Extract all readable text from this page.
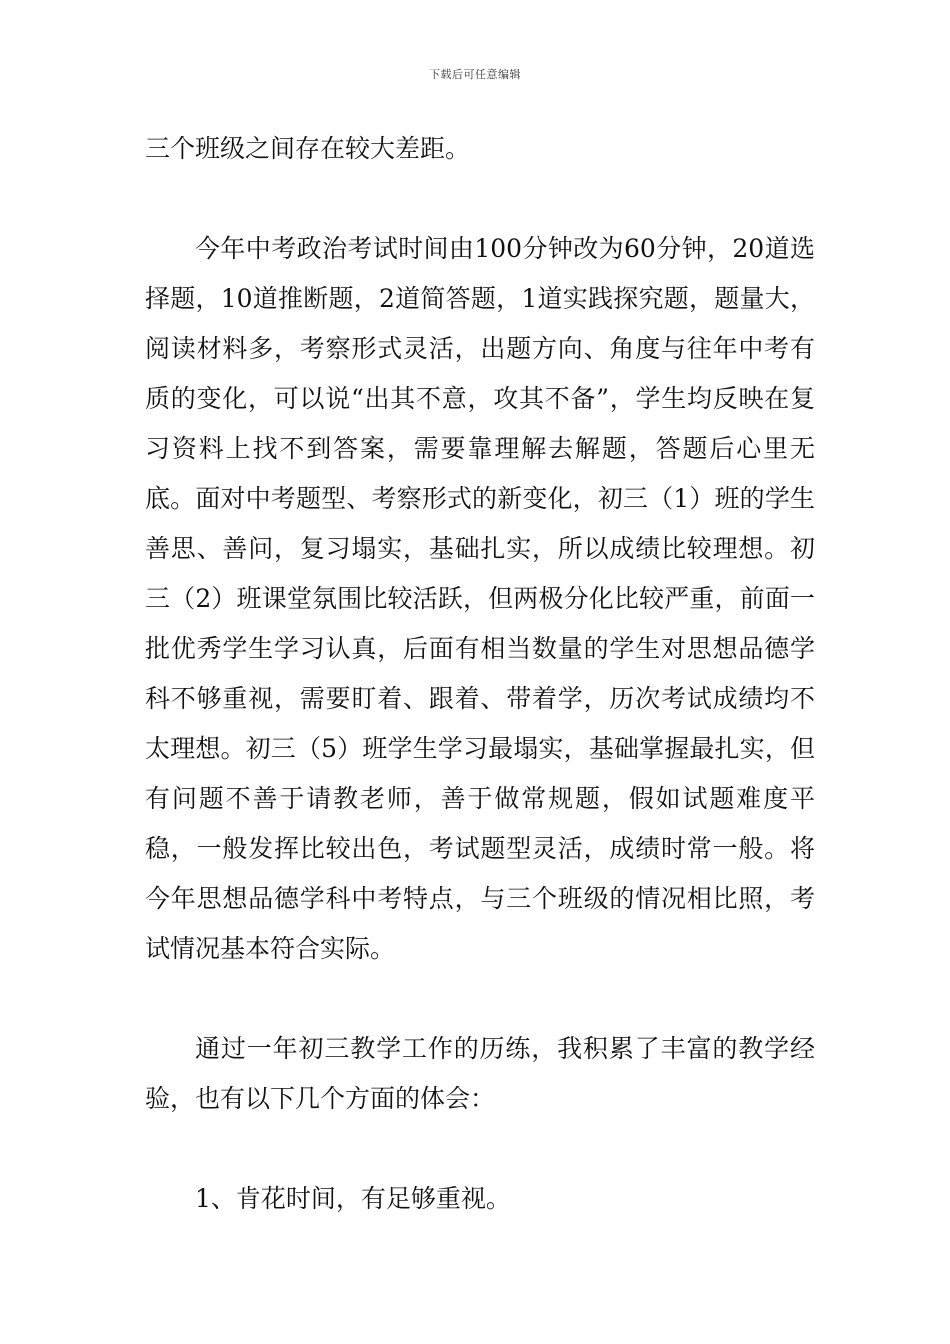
下载后可任意编辑

三个班级之间存在较大差距。

今年中考政治考试时间由100分钟改为60分钟，20道选择题，10道推断题，2道简答题，1道实践探究题，题量大，阅读材料多，考察形式灵活，出题方向、角度与往年中考有质的变化，可以说“出其不意，攻其不备”，学生均反映在复习资料上找不到答案，需要靠理解去解题，答题后心里无底。面对中考题型、考察形式的新变化，初三（1）班的学生善思、善问，复习塌实，基础扎实，所以成绩比较理想。初三（2）班课堂氛围比较活跃，但两极分化比较严重，前面一批优秀学生学习认真，后面有相当数量的学生对思想品德学科不够重视，需要盯着、跟着、带着学，历次考试成绩均不太理想。初三（5）班学生学习最塌实，基础掌握最扎实，但有问题不善于请教老师，善于做常规题，假如试题难度平稳，一般发挥比较出色，考试题型灵活，成绩时常一般。将今年思想品德学科中考特点，与三个班级的情况相比照，考试情况基本符合实际。

通过一年初三教学工作的历练，我积累了丰富的教学经验，也有以下几个方面的体会：

1、肯花时间，有足够重视。
